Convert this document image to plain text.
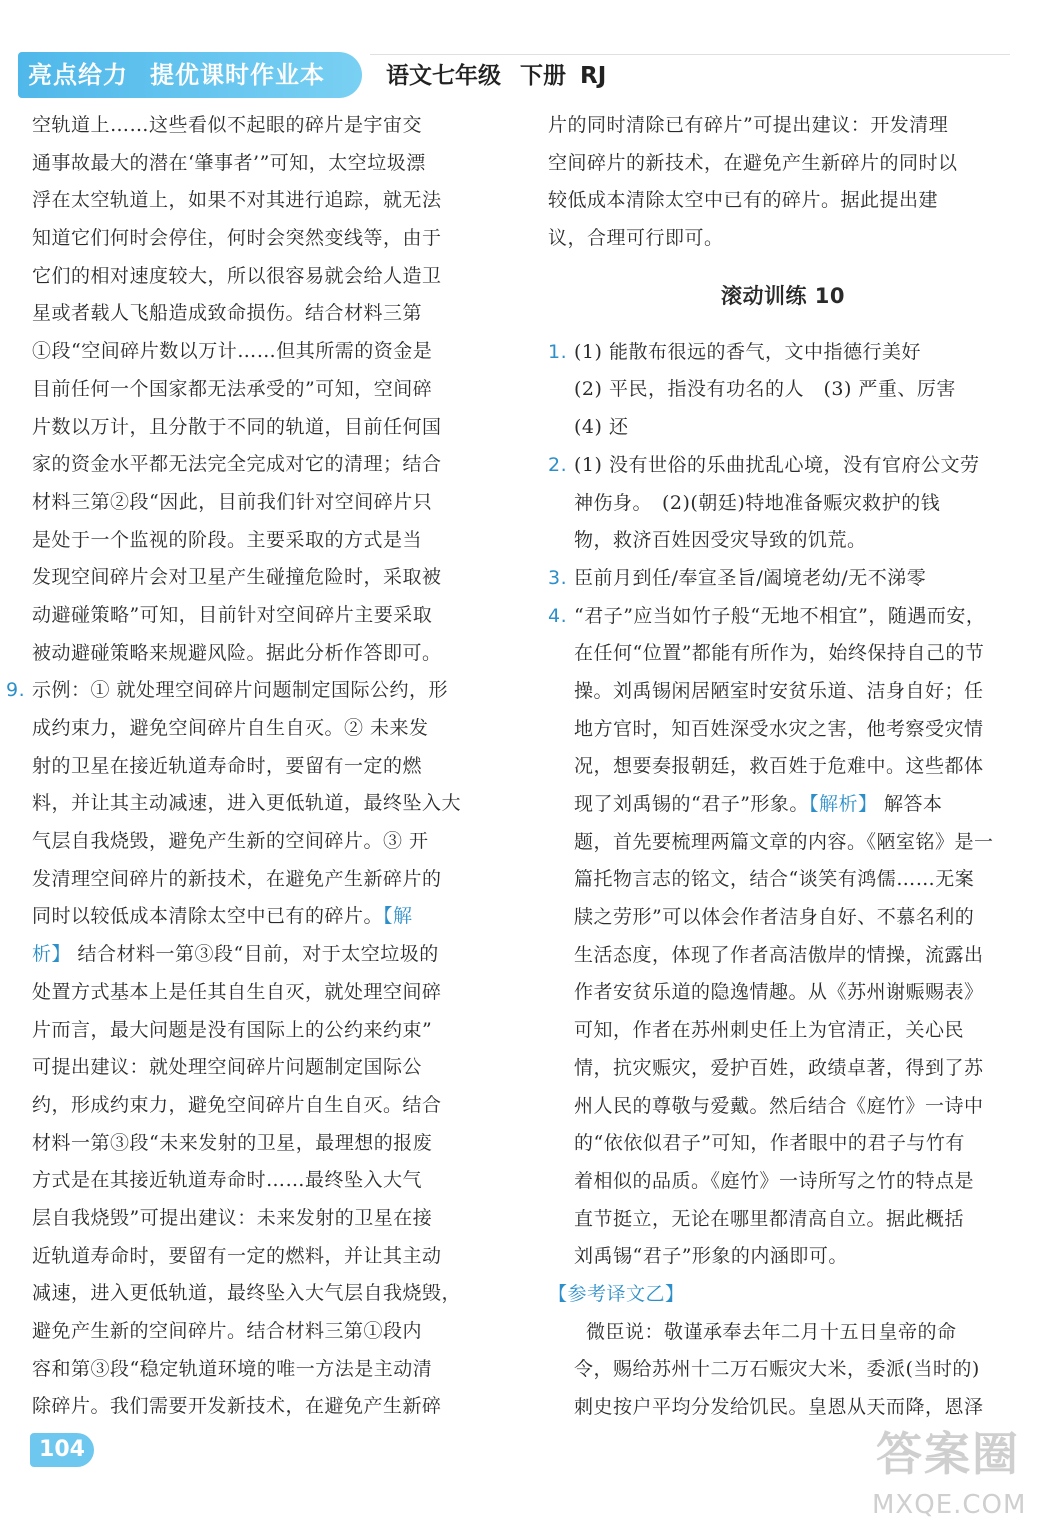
亮点给力 提优课时作业本	语文七年级 下册 RJ
空轨道上……这些看似不起眼的碎片是宇宙交
通事故最大的潜在‘肇事者’”可知，太空垃圾漂
浮在太空轨道上，如果不对其进行追踪，就无法
知道它们何时会停住，何时会突然变线等，由于
它们的相对速度较大，所以很容易就会给人造卫
星或者载人飞船造成致命损伤。结合材料三第
①段“空间碎片数以万计……但其所需的资金是
目前任何一个国家都无法承受的”可知，空间碎
片数以万计，且分散于不同的轨道，目前任何国
家的资金水平都无法完全完成对它的清理；结合
材料三第②段“因此，目前我们针对空间碎片只
是处于一个监视的阶段。主要采取的方式是当
发现空间碎片会对卫星产生碰撞危险时，采取被
动避碰策略”可知，目前针对空间碎片主要采取
被动避碰策略来规避风险。据此分析作答即可。
9. 示例：① 就处理空间碎片问题制定国际公约，形
成约束力，避免空间碎片自生自灭。② 未来发
射的卫星在接近轨道寿命时，要留有一定的燃
料，并让其主动减速，进入更低轨道，最终坠入大
气层自我烧毁，避免产生新的空间碎片。③ 开
发清理空间碎片的新技术，在避免产生新碎片的
同时以较低成本清除太空中已有的碎片。【解
析】 结合材料一第③段“目前，对于太空垃圾的
处置方式基本上是任其自生自灭，就处理空间碎
片而言，最大问题是没有国际上的公约来约束”
可提出建议：就处理空间碎片问题制定国际公
约，形成约束力，避免空间碎片自生自灭。结合
材料一第③段“未来发射的卫星，最理想的报废
方式是在其接近轨道寿命时……最终坠入大气
层自我烧毁”可提出建议：未来发射的卫星在接
近轨道寿命时，要留有一定的燃料，并让其主动
减速，进入更低轨道，最终坠入大气层自我烧毁，
避免产生新的空间碎片。结合材料三第①段内
容和第③段“稳定轨道环境的唯一方法是主动清
除碎片。我们需要开发新技术，在避免产生新碎
片的同时清除已有碎片”可提出建议：开发清理
空间碎片的新技术，在避免产生新碎片的同时以
较低成本清除太空中已有的碎片。据此提出建
议，合理可行即可。
滚动训练 10
1. (1) 能散布很远的香气，文中指德行美好
(2) 平民，指没有功名的人　(3) 严重、厉害
(4) 还
2. (1) 没有世俗的乐曲扰乱心境，没有官府公文劳
神伤身。　(2)(朝廷)特地准备赈灾救护的钱
物，救济百姓因受灾导致的饥荒。
3. 臣前月到任/奉宣圣旨/阖境老幼/无不涕零
4. “君子”应当如竹子般“无地不相宜”，随遇而安，
在任何“位置”都能有所作为，始终保持自己的节
操。刘禹锡闲居陋室时安贫乐道、洁身自好；任
地方官时，知百姓深受水灾之害，他考察受灾情
况，想要奏报朝廷，救百姓于危难中。这些都体
现了刘禹锡的“君子”形象。【解析】 解答本
题，首先要梳理两篇文章的内容。《陋室铭》是一
篇托物言志的铭文，结合“谈笑有鸿儒……无案
牍之劳形”可以体会作者洁身自好、不慕名利的
生活态度，体现了作者高洁傲岸的情操，流露出
作者安贫乐道的隐逸情趣。从《苏州谢赈赐表》
可知，作者在苏州刺史任上为官清正，关心民
情，抗灾赈灾，爱护百姓，政绩卓著，得到了苏
州人民的尊敬与爱戴。然后结合《庭竹》一诗中
的“依依似君子”可知，作者眼中的君子与竹有
着相似的品质。《庭竹》一诗所写之竹的特点是
直节挺立，无论在哪里都清高自立。据此概括
刘禹锡“君子”形象的内涵即可。
【参考译文乙】
微臣说：敬谨承奉去年二月十五日皇帝的命
令，赐给苏州十二万石赈灾大米，委派(当时的)
刺史按户平均分发给饥民。皇恩从天而降，恩泽
104	答案圈
MXQE.COM
